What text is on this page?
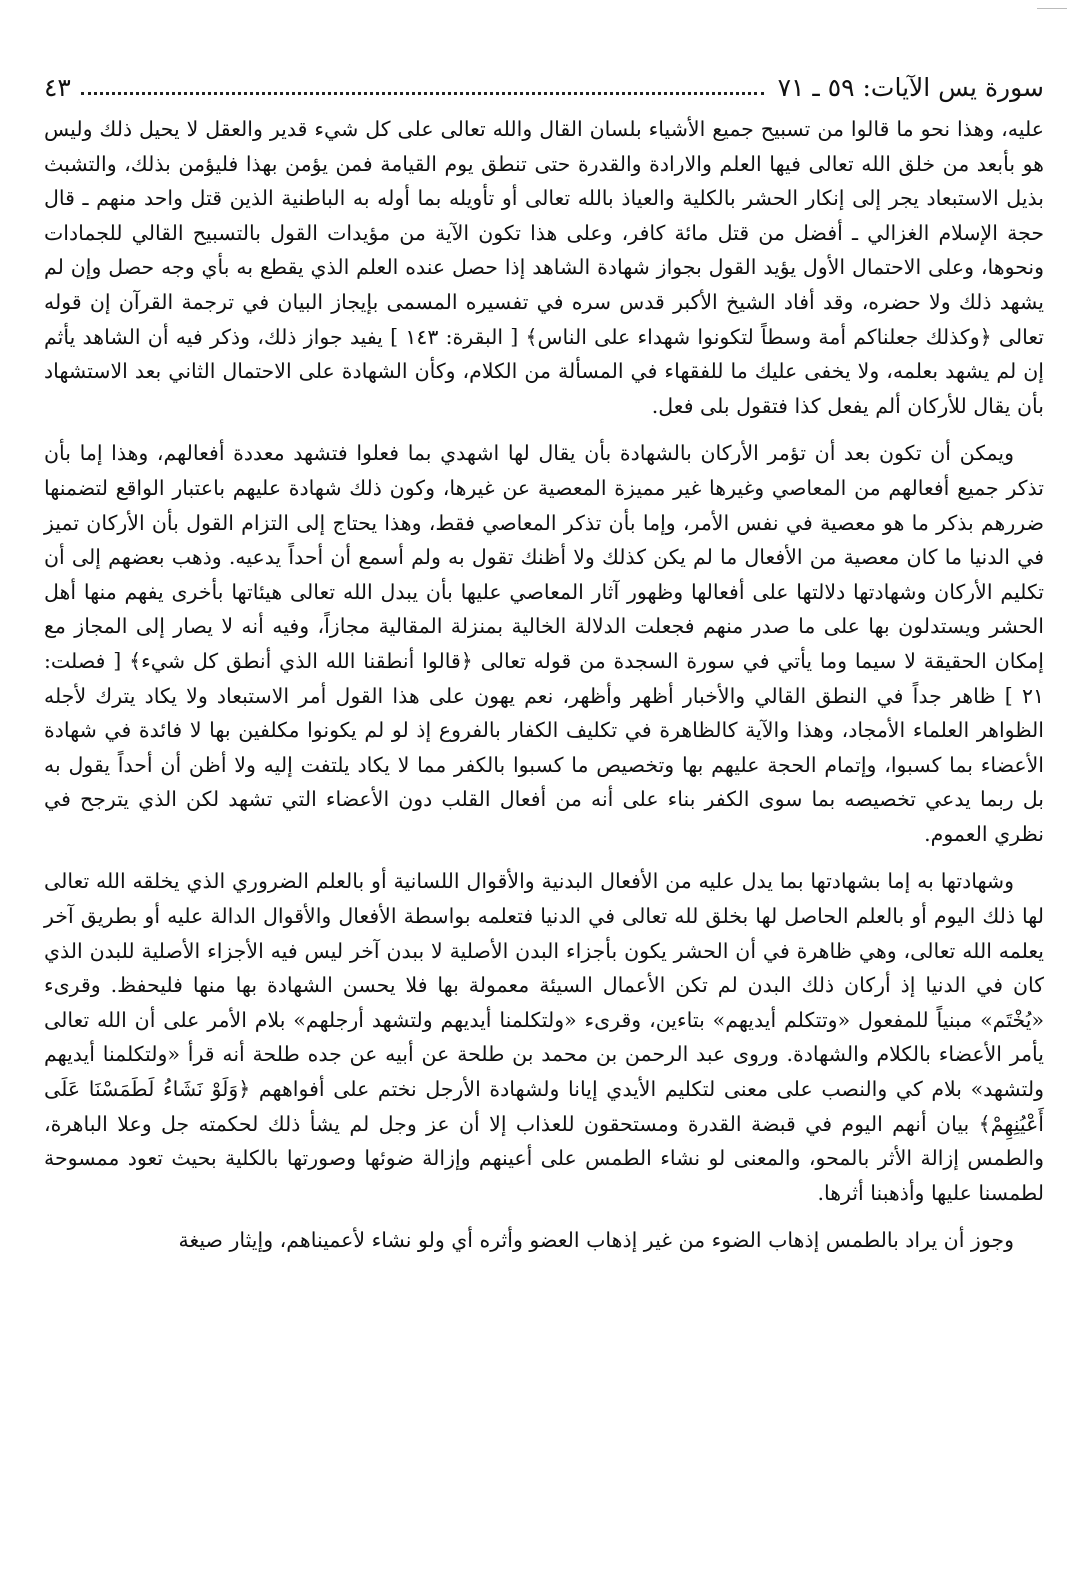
سورة يس الآيات: ٥٩ ـ ٧١
٤٣

عليه، وهذا نحو ما قالوا من تسبيح جميع الأشياء بلسان القال والله تعالى على كل شيء قدير والعقل لا يحيل ذلك وليس هو بأبعد من خلق الله تعالى فيها العلم والارادة والقدرة حتى تنطق يوم القيامة فمن يؤمن بهذا فليؤمن بذلك، والتشبث بذيل الاستبعاد يجر إلى إنكار الحشر بالكلية والعياذ بالله تعالى أو تأويله بما أوله به الباطنية الذين قتل واحد منهم ـ قال حجة الإسلام الغزالي ـ أفضل من قتل مائة كافر، وعلى هذا تكون الآية من مؤيدات القول بالتسبيح القالي للجمادات ونحوها، وعلى الاحتمال الأول يؤيد القول بجواز شهادة الشاهد إذا حصل عنده العلم الذي يقطع به بأي وجه حصل وإن لم يشهد ذلك ولا حضره، وقد أفاد الشيخ الأكبر قدس سره في تفسيره المسمى بإيجاز البيان في ترجمة القرآن إن قوله تعالى ﴿وكذلك جعلناكم أمة وسطاً لتكونوا شهداء على الناس﴾ [ البقرة: ١٤٣ ] يفيد جواز ذلك، وذكر فيه أن الشاهد يأثم إن لم يشهد بعلمه، ولا يخفى عليك ما للفقهاء في المسألة من الكلام، وكأن الشهادة على الاحتمال الثاني بعد الاستشهاد بأن يقال للأركان ألم يفعل كذا فتقول بلى فعل.

ويمكن أن تكون بعد أن تؤمر الأركان بالشهادة بأن يقال لها اشهدي بما فعلوا فتشهد معددة أفعالهم، وهذا إما بأن تذكر جميع أفعالهم من المعاصي وغيرها غير مميزة المعصية عن غيرها، وكون ذلك شهادة عليهم باعتبار الواقع لتضمنها ضررهم بذكر ما هو معصية في نفس الأمر، وإما بأن تذكر المعاصي فقط، وهذا يحتاج إلى التزام القول بأن الأركان تميز في الدنيا ما كان معصية من الأفعال ما لم يكن كذلك ولا أظنك تقول به ولم أسمع أن أحداً يدعيه. وذهب بعضهم إلى أن تكليم الأركان وشهادتها دلالتها على أفعالها وظهور آثار المعاصي عليها بأن يبدل الله تعالى هيئاتها بأخرى يفهم منها أهل الحشر ويستدلون بها على ما صدر منهم فجعلت الدلالة الخالية بمنزلة المقالية مجازاً، وفيه أنه لا يصار إلى المجاز مع إمكان الحقيقة لا سيما وما يأتي في سورة السجدة من قوله تعالى ﴿قالوا أنطقنا الله الذي أنطق كل شيء﴾ [ فصلت: ٢١ ] ظاهر جداً في النطق القالي والأخبار أظهر وأظهر، نعم يهون على هذا القول أمر الاستبعاد ولا يكاد يترك لأجله الظواهر العلماء الأمجاد، وهذا والآية كالظاهرة في تكليف الكفار بالفروع إذ لو لم يكونوا مكلفين بها لا فائدة في شهادة الأعضاء بما كسبوا، وإتمام الحجة عليهم بها وتخصيص ما كسبوا بالكفر مما لا يكاد يلتفت إليه ولا أظن أن أحداً يقول به بل ربما يدعي تخصيصه بما سوى الكفر بناء على أنه من أفعال القلب دون الأعضاء التي تشهد لكن الذي يترجح في نظري العموم.

وشهادتها به إما بشهادتها بما يدل عليه من الأفعال البدنية والأقوال اللسانية أو بالعلم الضروري الذي يخلقه الله تعالى لها ذلك اليوم أو بالعلم الحاصل لها بخلق لله تعالى في الدنيا فتعلمه بواسطة الأفعال والأقوال الدالة عليه أو بطريق آخر يعلمه الله تعالى، وهي ظاهرة في أن الحشر يكون بأجزاء البدن الأصلية لا ببدن آخر ليس فيه الأجزاء الأصلية للبدن الذي كان في الدنيا إذ أركان ذلك البدن لم تكن الأعمال السيئة معمولة بها فلا يحسن الشهادة بها منها فليحفظ. وقرىء «يُخْتَم» مبنياً للمفعول «وتتكلم أيديهم» بتاءين، وقرىء «ولتكلمنا أيديهم ولتشهد أرجلهم» بلام الأمر على أن الله تعالى يأمر الأعضاء بالكلام والشهادة. وروى عبد الرحمن بن محمد بن طلحة عن أبيه عن جده طلحة أنه قرأ «ولتكلمنا أيديهم ولتشهد» بلام كي والنصب على معنى لتكليم الأيدي إيانا ولشهادة الأرجل نختم على أفواههم ﴿وَلَوْ نَشَاءُ لَطَمَسْنَا عَلَى أَعْيُنِهِمْ﴾ بيان أنهم اليوم في قبضة القدرة ومستحقون للعذاب إلا أن عز وجل لم يشأ ذلك لحكمته جل وعلا الباهرة، والطمس إزالة الأثر بالمحو، والمعنى لو نشاء الطمس على أعينهم وإزالة ضوئها وصورتها بالكلية بحيث تعود ممسوحة لطمسنا عليها وأذهبنا أثرها.

وجوز أن يراد بالطمس إذهاب الضوء من غير إذهاب العضو وأثره أي ولو نشاء لأعميناهم، وإيثار صيغة
